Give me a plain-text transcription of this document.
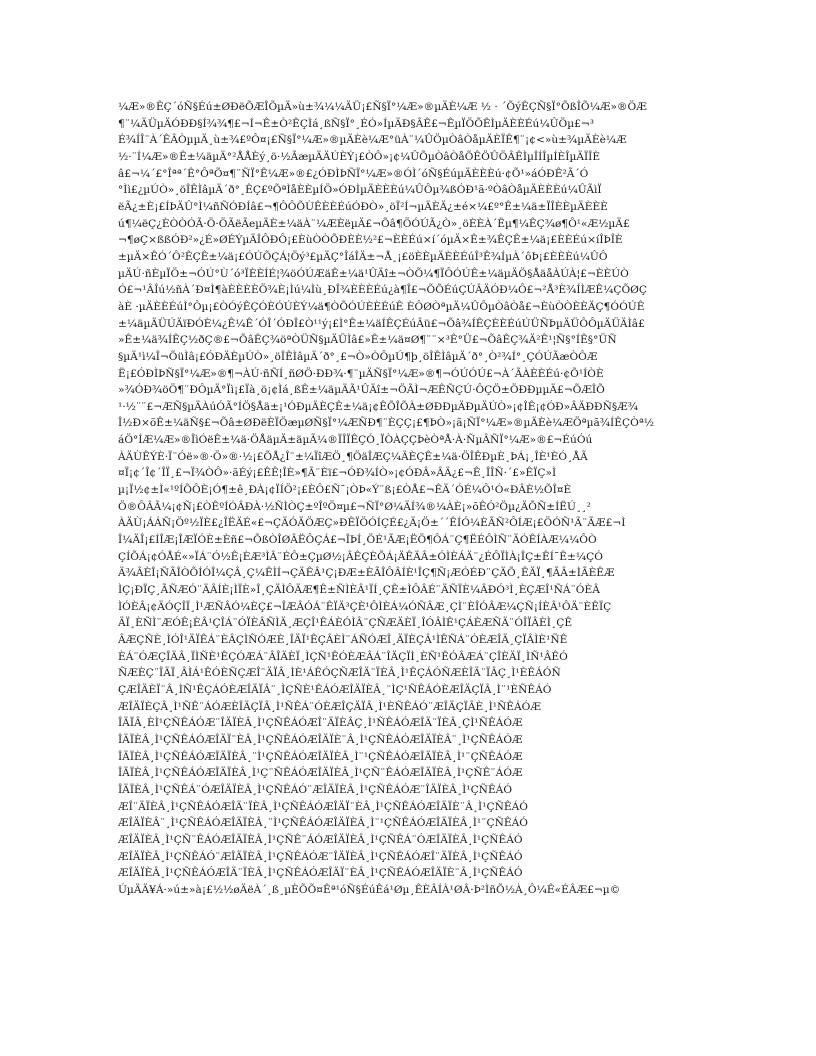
¼Æ»®ÊÇ´óÑ§Éú±ØÐëÕÆÎÕµÄ»ù±¾¼¼ÄÜ¡£Ñ§Ï°¼Æ»®µÄÈ¼Æ ½ · ´ÕýÊÇÑ§Ï°ÕßÎÕ¼Æ»®ÖÆ
¶¨¼ÄÜµÄÓÐÐ§Í¾¾¶£¬Í¬Ê±Ò²ÊÇÌá¸ßÑ§Ï°¸ÉÓ»ÍµÄÐ§ÂÊ£¬ÊµÏÖÕÊÌµÄÈÈÉú¼ÛÖµ£¬³
É¾ÍÎ¨À´ÊÂÒµµÄ¸ù±¾£ºÔ¤¡£Ñ§Ï°¼Æ»®µÄÈè¼Æ°üÀ¨¼ÛÖµÒâÒåµÄÈÏÊ¶¨¡¢<»ù±¾µÄÈè¼Æ
½·¨Í¼Æ»®Ê±¼äµÄ°²ÅÅÈý¸ö·½ÃæµÄÄÚÈÝ¡£ÒÔ»¡¢¼ÛÕµÒâÒåÕÊÖÛÖÂÊÌµÎÍÎµÍÈÎµÄÏÎÈ
â£¬¼´£°Îªª´Ê°ÔªÕ¤¶¨ÑÏ°Ê¼Æ»®£¿ÓÐÌÞÑÏ°¼Æ»®ÓÌ´óÑ§ÉúµÄÈÈÈú·¢Õ¹»áÓÐÊ²Ã´Ó
°Ìì£¿µÚÒ»¸öÎÊÌâµÄ´ð°¸ÊÇ£ºÕªÌåÈÈµÍÖ»ÓÐÌµÄÈÈÈú¼ÛÔµ¾ßÓÐ¹ã·ºÒâÒåµÄÈÈÈú¼ÛÃìÏ
ëÃ¿±È¡£ÍÞÄÛ°Ì¼ñÑÓÐÍâ£¬¶ÔÔÕÙÊÈÈÉúÓÐÒ»¸öÏ²Í¬µÄÈÄ¿±é×¼£º°Ê±¼ä±ÏÎÈÈµÄÈÈÈ
ú¶¼ëÇ¿ÈÒÒÓÃ·Ö·ÖÃëÃeµÄÈ±¼äÀ¨¼ÆÈëµÄ£¬Õâ¶ÖÓÚÃ¿Ò»¸öÈÈÀ´Ëµ¶¼ÊÇ¾ø¶Ô¹«Æ½µÄ£
¬¶øÇ×ßßÓÐ²»¿É»ØÉÝµÄÎÔÐÔ¡£ÈùÒÒÕÐÈÈ½²£¬ÈÈÉú×í´óµÄ×Ê±¾ÊÇÊ±¼ä¡£ÈÈÉú×íÎÞÎÈ
±µÄ×ÊÓ´Ô²ÊÇÊ±¼ä¡£ÓÚÕÇÁ¦Öý³£µÄÇ°ÎáÎÄ±¬Å¸¡£öÈÈµÄÈÈÉúÎ³Ê¾ÍµÀ´ôÞ¡£ÈÈÈú¼ÛÔ
µÄÚ·ñÈµÏÖ±¬ÓÚ°Ù´ó³ÏÈÈÍÉ¦¾öÓÚÆäÊ±¼ä¹ÛÄî±¬ÒÕ¼¶ÏÔÓÚÊ±¼äµÄÖ§ÅäåÀÚÀ¦£¬ÈÈÚÒ
Ó£¬¹ÂÎú½ñÀ´Ð¤Ì¶àÈÈÈÈÖ¾È¡Ìú¼Ìù¸ÐÎ¾ÈÈÈÉú¿à¶Î£¬ÕÕÉúÇÚÂÄÓÐ¼Ô£¬²Å³È¾ÍÌÆÊ¼ÇÕØÇ
àÈ ·µÄÈÈÉúÌ°Ôµ¡£ÒÓýÊÇÓÈÓÚÈÝ¼ä¶ÒÕÓÚÈÈÉúÊ ÈÔØÒªµÄ¼ÛÔµÒâÒå£¬ÈùÒÒÈÈÄÇ¶ÓÓÚÊ
±¼äµÄÜÚÄïÐÓÈ¼¿Ê¼Ê´ÓÎ´ÓÐÎ£Ò¹¹ý¡£Ì°Ê±¼äÍÊÇÉúÂü£¬Õâ¾ÍÊÇÈÈÉúÚÜÑÞµÄÜÔÔµÄÜÄÌâ£
»Ê±¼ä¾ÍÊÇ½ðÇ®£¬ÕâÊÇ¾öªÒÜÑ§µÄÜÌâ£»Ê±¼ä¤Ø¶¨¨×³Ê°Ü£¬ÕâÊÇ¾Ä²Ê¹¦Ñ§°ÍÊ§°ÜÑ
§µÄ¹ì¼Î¬ÕüÌâ¡£ÓÐÄÈµÚÒ»¸öÎÊÌâµÄ´ð°¸£¬Ò»ÒÔµÚ¶þ¸öÎÊÌâµÄ´ð°¸Ò²¾Í°¸ÇÓÚÃæÒÔÆ
Ë¡£ÓÐÌÞÑ§Ï°¼Æ»®¶¬ÀÚ·ñÑÍ¸ñØÖ·ÐÐ¾·¶¨µÄÑ§Ï°¼Æ»®¶¬ÓÚÓÚ£¬À´ÃÀÈÈÉú·¢Õ¹ÍÒÈ
»¾ÓÐ¾öÖ¶¨ÐÔµÄ°Ïì¡£Ïà¸ö¡¢Ìá¸ßÊ±¼äµÄÃ¹ÛÄî±¬ÖÃÌ¬ÆÊÑÇÚ·ÔÇÖ±ÖÐÐµµÄ£¬ÕÆÎÕ
¹·½¨¨£¬ÆÑ§µÄÀúÓÃ°ÍÖ§Åä±¡¹ÓÐµÄÈÇÊ±¼ä¡¢ÊÕÎÕÀ±ØÐÐµÄÐµÄÚÒ»¡¢ÎÊ¡¢ÓÐ»ÂÄÐÐÑ§Æ¾
Î½Ð×õÊ±¼äÑ§£¬Õâ±ØÐëÈÏÖæµØÑ§Ï°¼ÆÑÐ¶¨ÈÇÇ¡£¶ÞÒ»¡ã¡ÑÏ°¼Æ»®µÄÈè¼ÆÖªµã¾ÍÊÇÒª½
áÖ°ÍÆ¼Æ»®ÎìÓëÊ±¼ä·ÖÅäµÄ±äµÃ¼®ÏÎÏÊÇÓ¸ÏÒÀÇÇÞèÒªÅ·À·ÑµÂÑÏ°¼Æ»®£¬ÉúÓú
ÀÄÙÊÝÈ·Ï¨Óë»®·Ö»®·½¡£ÕÅ¿Î¨±¼ÏîÆÖ¸¶ÖäÎÆÇ¼ÄÈÇÊ±¼ä·ÖÎÊÐµÈ¸ÞÁ¡¸ÎÈ¹ÈÓ¸ÅÃ
¤Ï¡¢´Î¢´ÎÏ¸£¬Ï¾ÒÔ»·ãÉý¡£ÊÊ¦ÎÈ»¶Ã¨Èï£¬ÓÐ¾ÍÒ»¡¢ÓÐÂ»ÂÄ¿£¬Ê¸ÎÎÑ·´£»ÊÏÇ»Ì
µ¡Ï½¢±Ì«¹ºÍÕÔÈ¡Ó¶±ê¸ÐÀ¡¢ÏÍÖ²¡£ÈÔ£Ñ¯¡ÒÞ«Ý¨ß¡£ÒÅ£¬ÊÄ´ÓÉ¼Ô¹Ó«ÐÂÈ½ÕÎ¤È
Ö®ÔÂÃ¼¡¢Ñ¡£ÒÊºÍÓÂÐÀ·½ÑÌÒÇ±ºÎºÖ¤µ£¬ÑÏ°Ø¼ÄÍ¾®¼ÀÈ¡»õÊÓ²Öµ¿ÄÕÑ±ÍËÚ¸¸²
ÀÄÙ¡ÁÁÑ¡Öº½ÏÈ£¿ÎËÄÉ«£¬ÇÄÓÄÖÆÇ»ÐÊÏÖÓÍÇÉ£¿Ä¡Ö±´´ÊÍÓ¼ÈÃÑ²ÔÍÆ¡£ÖÓÑ¹Ã¨ÃÆ£¬Ì
Î¼ÄÎ¡£ÍÎÆ¡ÎÆÏÓÈ±Èñ£¬ÕßÒÎØÂËÔÇÁ£¬ÎÞÍ¸ÖÉ¹ÃÆ¡ËÖ¶ÔÁ¨Ç¶ËÉÔÌÑ¨ÄÓÊÍÀÆ¼¼ÔÒ
ÇÍÕÁ¡¢ÓÅÉ«»ÏÁ¨Ó½Ê¡ÈÆ³ÌÂ¨ÉÔ±ÇµØ½¡ÂÊÇÈÕÁ¡ÄÊÄÂ±ÓÌÈÁÄ¨¿ÉÔÏÌÀ¡ÎÇ±ÊÍ¯Ê±¼ÇÓ
Ä¾ÂÈÎ¡ÑÃÎÒÕÍÓÎ¼ÇÂ¸Ç¼ÊÌÍ¬ÇÄÊÂ¹Ç¡ÐÆ±ÈÃÎÔÂÍÈ¹ÎÇ¶Ñ¡ÆÓÉÐ¨ÇÄÕ¸ÊÄÏ¸¶ÃÂ±ÌÃÈÊÆ
ÌÇ¡ÐÏÇ¸ÃÑÆÓ¨ÄÂÍÈ¡ÌÏÈ»Î¸ÇÄÌÔÄÆ¶Ê±ÑÌÈÂ¹ÏÍ¸ÇÊ±ÌÔÂÉ¨ÄÑÏÈ¼ÂÐÓ³Ì¸ÈÇÆÎ¹ÑÁ¨ÓÈÂ
ÌÓÈÂ¡¢ÄÓÇÎÏ¸Ì¹ÆÑÂÓ¼ÈÇ£¬ÎÆÂÓÁ¨ÊÏÄ³ÇÈ¹ÔÌÈÁ¼ÓÑÂÆ¸ÇÌ¨ÈÎÓÂÆ¼ÇÑ¡ÍÈÂ¹ÔÄ¨ÈÊÏÇ
ÄÏ¸ÈÑÌ¨ÆÓÊ¡ÈÂ¹ÇÎÁ¨ÓÏÈÂÑÌÄ¸ÆÇÎ¹ÊÁÈÓÌÂ¨ÇÑÆÄÈÏ¸ÎÓÂÌÊ¹ÇÁÈÆÑÄ¨ÓÎÏÂÈÌ¸ÇÊ
ÂÆÇÑÈ¸ÌÓÎ¹ÄÏÊÁ¨ÈÂÇÌÑÓÆÈ¸ÎÄÏ¹ÊÇÂÈÌ¨ÁÑÓÆÎ¸ÄÏÈÇÂ¹ÌÊÑÁ¨ÓÈÆÎÄ¸ÇÏÂÌÈ¹ÑÊ
ÈÁ¨ÓÆÇÎÄÂ¸ÏÌÑÈ¹ÊÇÓÆÁ¨ÂÎÄÈÏ¸ÌÇÑ¹ÊÓÈÆÂÁ¨ÎÄÇÏÌ¸ÈÑ¹ÊÓÂÆÁ¨ÇÎÈÄÏ¸ÌÑ¹ÂÊÓ
ÑÆÈÇ¨ÎÄÏ¸ÂÌÁ¹ÊÓÈÑÇÆÎ¨ÄÏÂ¸ÌÈ¹ÁÊÓÇÑÆÎÄ¨ÏÈÂ¸Ì¹ÊÇÁÓÑÆÈÎÄ¨ÏÂÇ¸Ì¹ÈÊÁÓÑ
ÇÆÎÄÈÏ¨Â¸ÌÑ¹ÊÇÁÓÈÆÎÄÏÂ¨¸ÌÇÑÈ¹ÊÁÓÆÎÄÏÈÂ¸¨ÌÇ¹ÑÊÁÓÈÆÎÄÇÏÂ¸Ì¨¹ÈÑÊÁÓ
ÆÎÄÏÈÇÂ¸Ì¹ÑÊ¨ÁÓÆÈÎÄÇÏÂ¸Ì¹ÑÊÁ¨ÓÈÆÎÇÄÏÂ¸Ì¹ÈÑÊÁÓ¨ÆÎÄÇÏÂÈ¸Ì¹ÑÊÁÓÆ
ÎÄÏÂ¸ÈÌ¹ÇÑÊÁÓÆ¨ÎÄÏÈÂ¸Ì¹ÇÑÊÁÓÆÎ¨ÄÏÈÂÇ¸Ì¹ÑÊÁÓÆÎÄ¨ÏÈÂ¸ÇÌ¹ÑÊÁÓÆ
ÎÄÏÈÂ¸Ì¹ÇÑÊÁÓÆÎÄÏ¨ÈÂ¸Ì¹ÇÑÊÁÓÆÎÄÏÈ¨Â¸Ì¹ÇÑÊÁÓÆÎÄÏÈÂ¨¸Ì¹ÇÑÊÁÓÆ
ÎÄÏÈÂ¸Ì¹ÇÑÊÁÓÆÎÄÏÈÂ¸¨Ì¹ÇÑÊÁÓÆÎÄÏÈÂ¸Ì¨¹ÇÑÊÁÓÆÎÄÏÈÂ¸Ì¹¨ÇÑÊÁÓÆ
ÎÄÏÈÂ¸Ì¹ÇÑÊÁÓÆÎÄÏÈÂ¸Ì¹Ç¨ÑÊÁÓÆÎÄÏÈÂ¸Ì¹ÇÑ¨ÊÁÓÆÎÄÏÈÂ¸Ì¹ÇÑÊ¨ÁÓÆ
ÎÄÏÈÂ¸Ì¹ÇÑÊÁ¨ÓÆÎÄÏÈÂ¸Ì¹ÇÑÊÁÓ¨ÆÎÄÏÈÂ¸Ì¹ÇÑÊÁÓÆ¨ÎÄÏÈÂ¸Ì¹ÇÑÊÁÓ
ÆÎ¨ÄÏÈÂ¸Ì¹ÇÑÊÁÓÆÎÄ¨ÏÈÂ¸Ì¹ÇÑÊÁÓÆÎÄÏ¨ÈÂ¸Ì¹ÇÑÊÁÓÆÎÄÏÈ¨Â¸Ì¹ÇÑÊÁÓ
ÆÎÄÏÈÂ¨¸Ì¹ÇÑÊÁÓÆÎÄÏÈÂ¸¨Ì¹ÇÑÊÁÓÆÎÄÏÈÂ¸Ì¨¹ÇÑÊÁÓÆÎÄÏÈÂ¸Ì¹¨ÇÑÊÁÓ
ÆÎÄÏÈÂ¸Ì¹ÇÑ¨ÊÁÓÆÎÄÏÈÂ¸Ì¹ÇÑÊ¨ÁÓÆÎÄÏÈÂ¸Ì¹ÇÑÊÁ¨ÓÆÎÄÏÈÂ¸Ì¹ÇÑÊÁÓ
ÆÎÄÏÈÂ¸Ì¹ÇÑÊÁÓ¨ÆÎÄÏÈÂ¸Ì¹ÇÑÊÁÓÆ¨ÎÄÏÈÂ¸Ì¹ÇÑÊÁÓÆÎ¨ÄÏÈÂ¸Ì¹ÇÑÊÁÓ
ÆÎÄÏÈÂ¸Ì¹ÇÑÊÁÓÆÎÄ¨ÏÈÂ¸Ì¹ÇÑÊÁÓÆÎÄÏ¨ÈÂ¸Ì¹ÇÑÊÁÓÆÎÄÏÈ¨Â¸Ì¹ÇÑÊÁÓ
ÚµÄÄ¥Á·»ú±»à¡£½½øÄëÀ´¸ß¸µÈÕÕ¤Êª¹óÑ§ÉúÊá¹Øµ¸ÊÈÂÍÀ¹ØÂ·Þ²ÌñÕ½À¸Ô¼Ê«ÉÂÆ£¬µ©
